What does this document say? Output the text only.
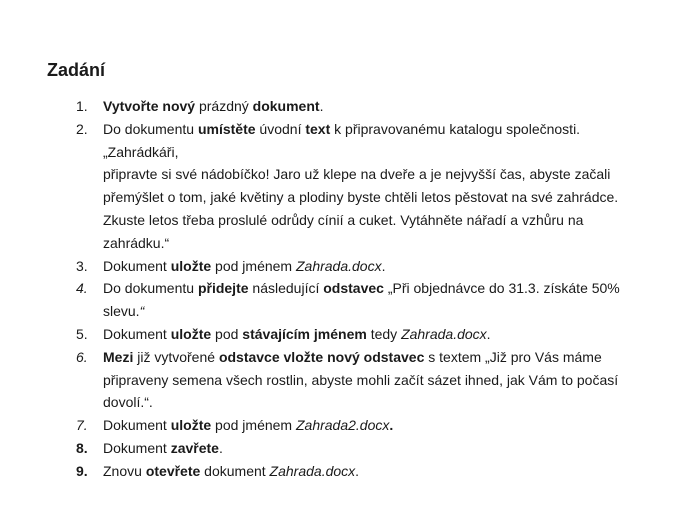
Zadání
1.	Vytvořte nový prázdný dokument.
2.	Do dokumentu umístěte úvodní text k připravovanému katalogu společnosti.
„Zahrádkáři,
připravte si své nádobíčko! Jaro už klepe na dveře a je nejvyšší čas, abyste začali
přemýšlet o tom, jaké květiny a plodiny byste chtěli letos pěstovat na své zahrádce.
Zkuste letos třeba proslulé odrůdy cínií a cuket. Vytáhněte nářadí a vzhůru na
zahrádku.“
3.	Dokument uložte pod jménem Zahrada.docx.
4.	Do dokumentu přidejte následující odstavec „Při objednávce do 31.3. získáte 50%
slevu.“
5.	Dokument uložte pod stávajícím jménem tedy Zahrada.docx.
6.	Mezi již vytvořené odstavce vložte nový odstavec s textem „Již pro Vás máme
připraveny semena všech rostlin, abyste mohli začít sázet ihned, jak Vám to počasí
dovolí.“.
7.	Dokument uložte pod jménem Zahrada2.docx.
8.	Dokument zavřete.
9.	Znovu otevřete dokument Zahrada.docx.
